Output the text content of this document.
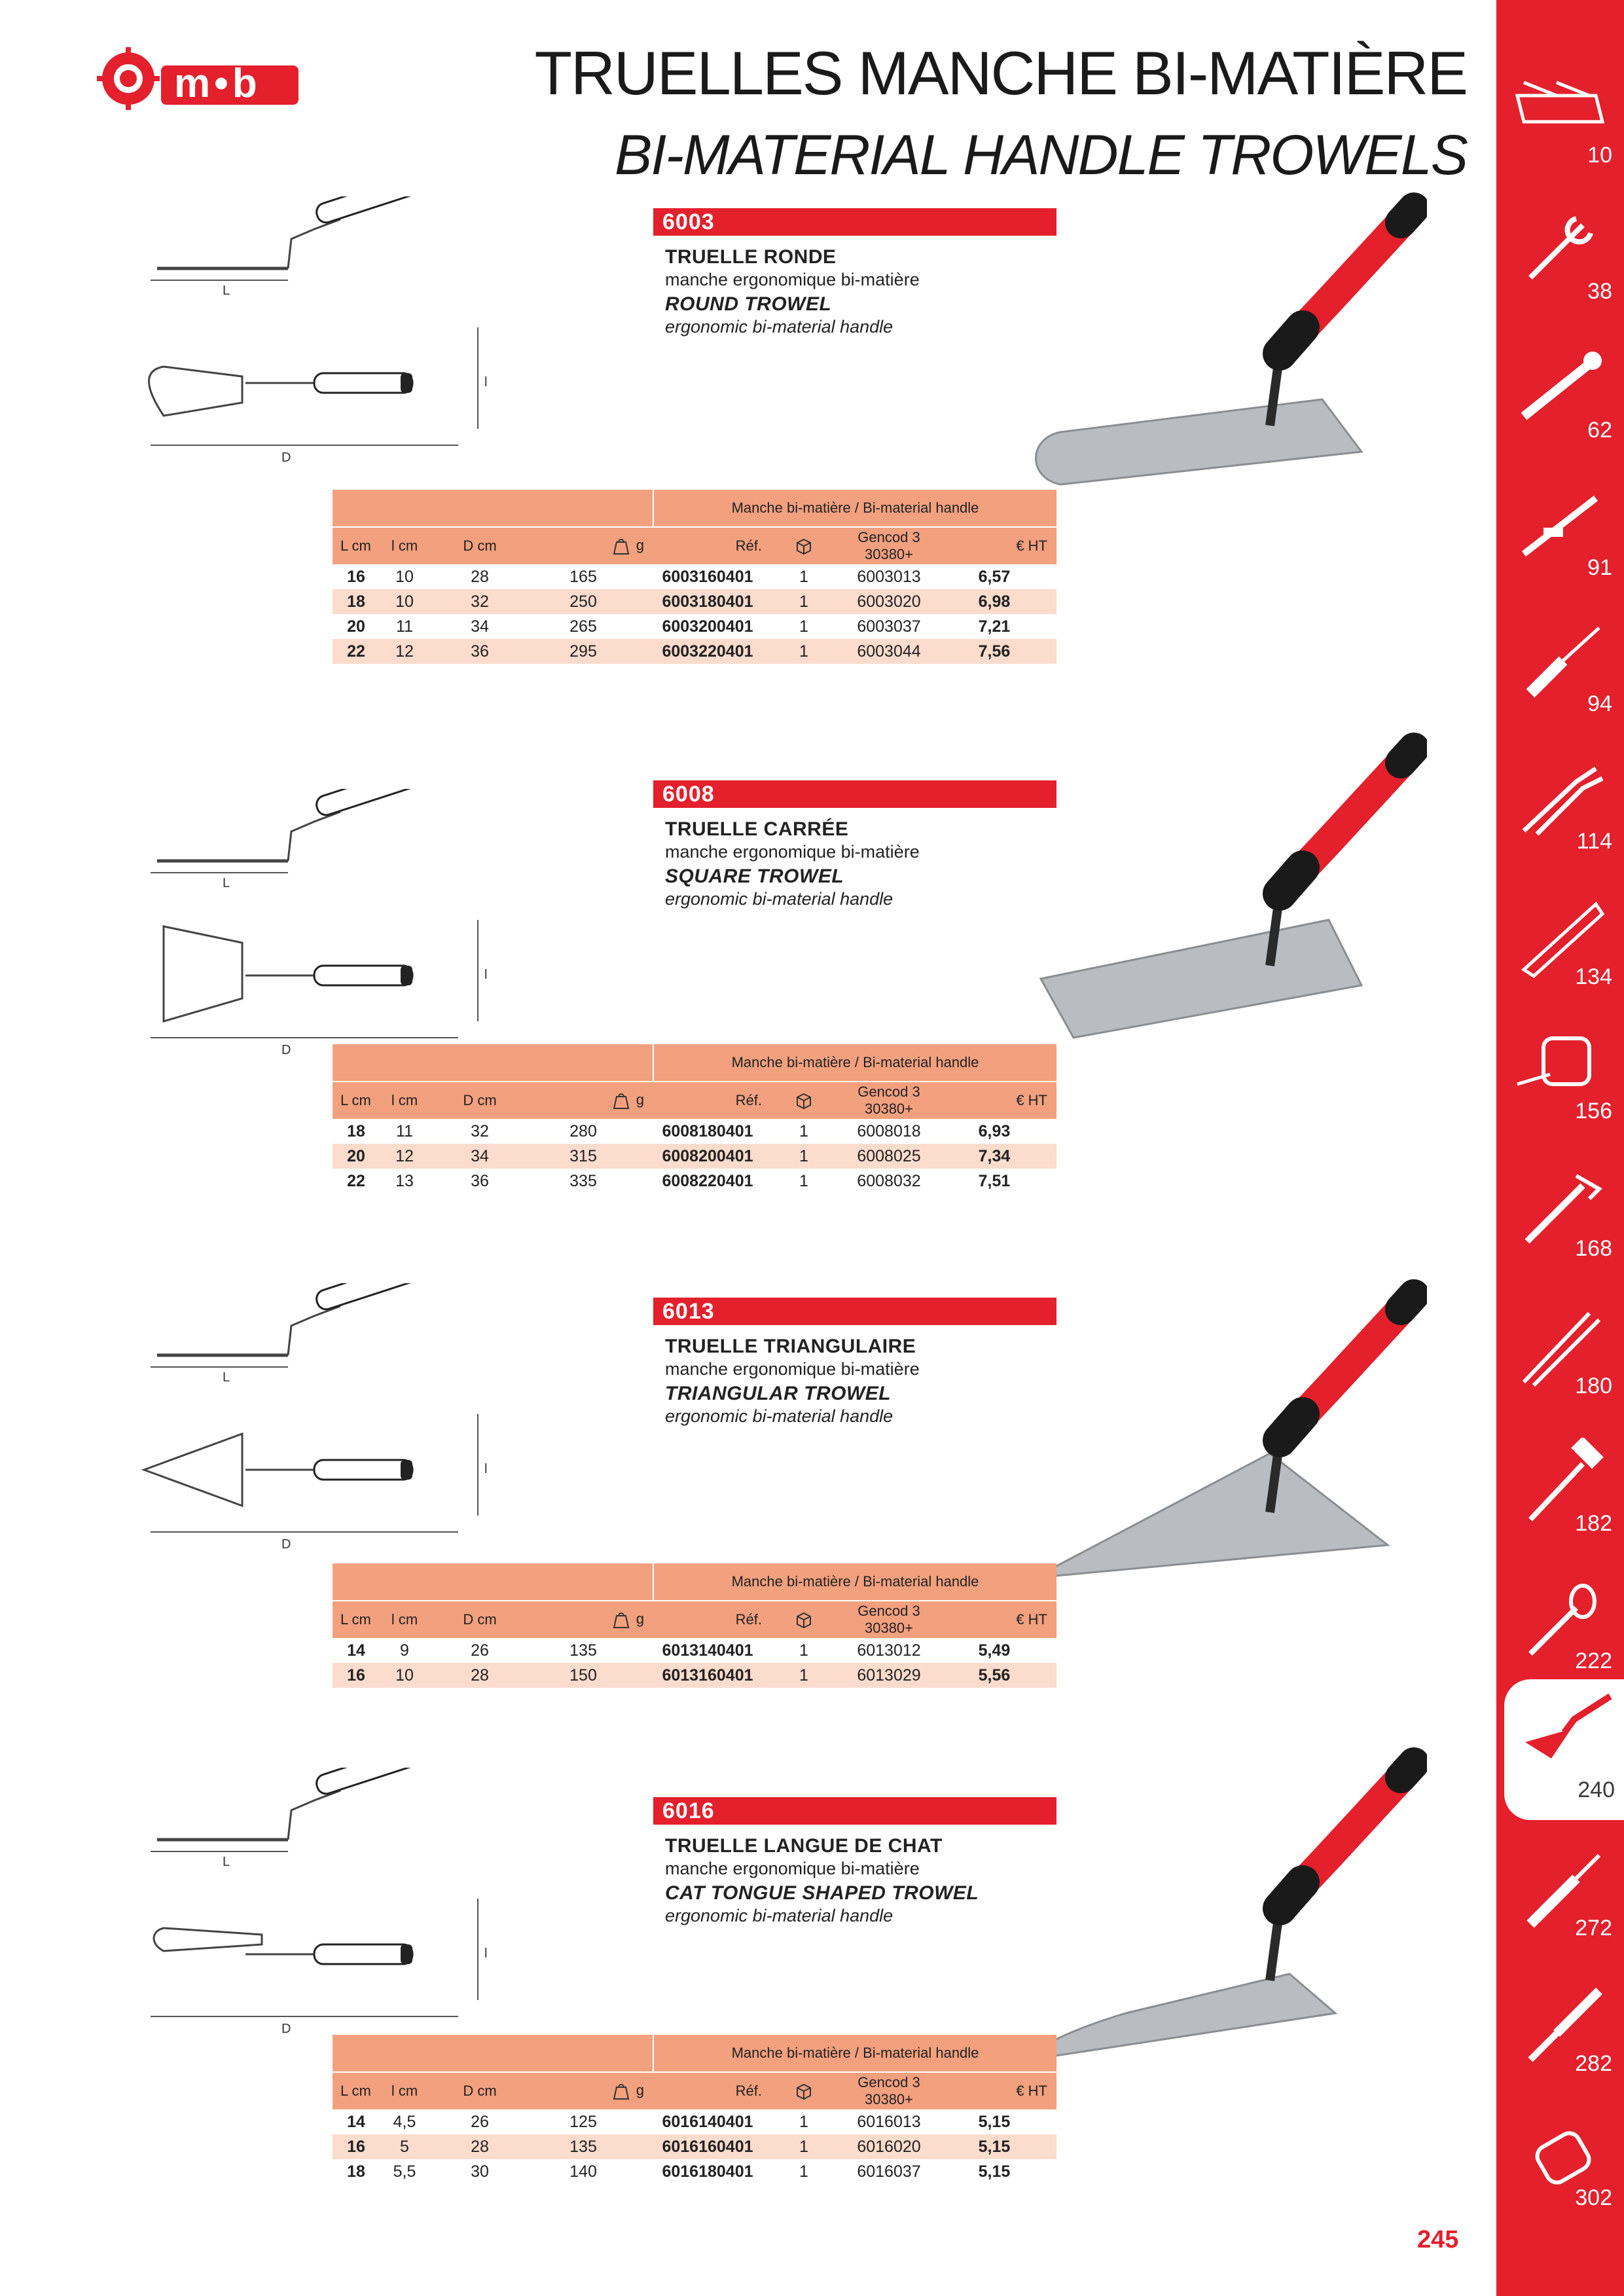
m•b	TRUELLES MANCHE BI-MATIÈRE
BI-MATERIAL HANDLE TROWELS	10
38
62
91
94
114
134
156
168
180
182
222
240
272
282
302
L
D
l
6003
TRUELLE RONDE
manche ergonomique bi-matière
ROUND TROWEL
ergonomic bi-material handle
				Manche bi-matière / Bi-material handle			
L cm	l cm	D cm	g	Réf.		Gencod 3 30380+	€ HT
16	10	28	165	6003160401	1	6003013	6,57
18	10	32	250	6003180401	1	6003020	6,98
20	11	34	265	6003200401	1	6003037	7,21
22	12	36	295	6003220401	1	6003044	7,56
L
D
l
6008
TRUELLE CARRÉE
manche ergonomique bi-matière
SQUARE TROWEL
ergonomic bi-material handle
				Manche bi-matière / Bi-material handle			
L cm	l cm	D cm	g	Réf.		Gencod 3 30380+	€ HT
18	11	32	280	6008180401	1	6008018	6,93
20	12	34	315	6008200401	1	6008025	7,34
22	13	36	335	6008220401	1	6008032	7,51
L
D
l
6013
TRUELLE TRIANGULAIRE
manche ergonomique bi-matière
TRIANGULAR TROWEL
ergonomic bi-material handle
				Manche bi-matière / Bi-material handle			
L cm	l cm	D cm	g	Réf.		Gencod 3 30380+	€ HT
14	9	26	135	6013140401	1	6013012	5,49
16	10	28	150	6013160401	1	6013029	5,56
L
D
l
6016
TRUELLE LANGUE DE CHAT
manche ergonomique bi-matière
CAT TONGUE SHAPED TROWEL
ergonomic bi-material handle
				Manche bi-matière / Bi-material handle			
L cm	l cm	D cm	g	Réf.		Gencod 3 30380+	€ HT
14	4,5	26	125	6016140401	1	6016013	5,15
16	5	28	135	6016160401	1	6016020	5,15
18	5,5	30	140	6016180401	1	6016037	5,15
245
